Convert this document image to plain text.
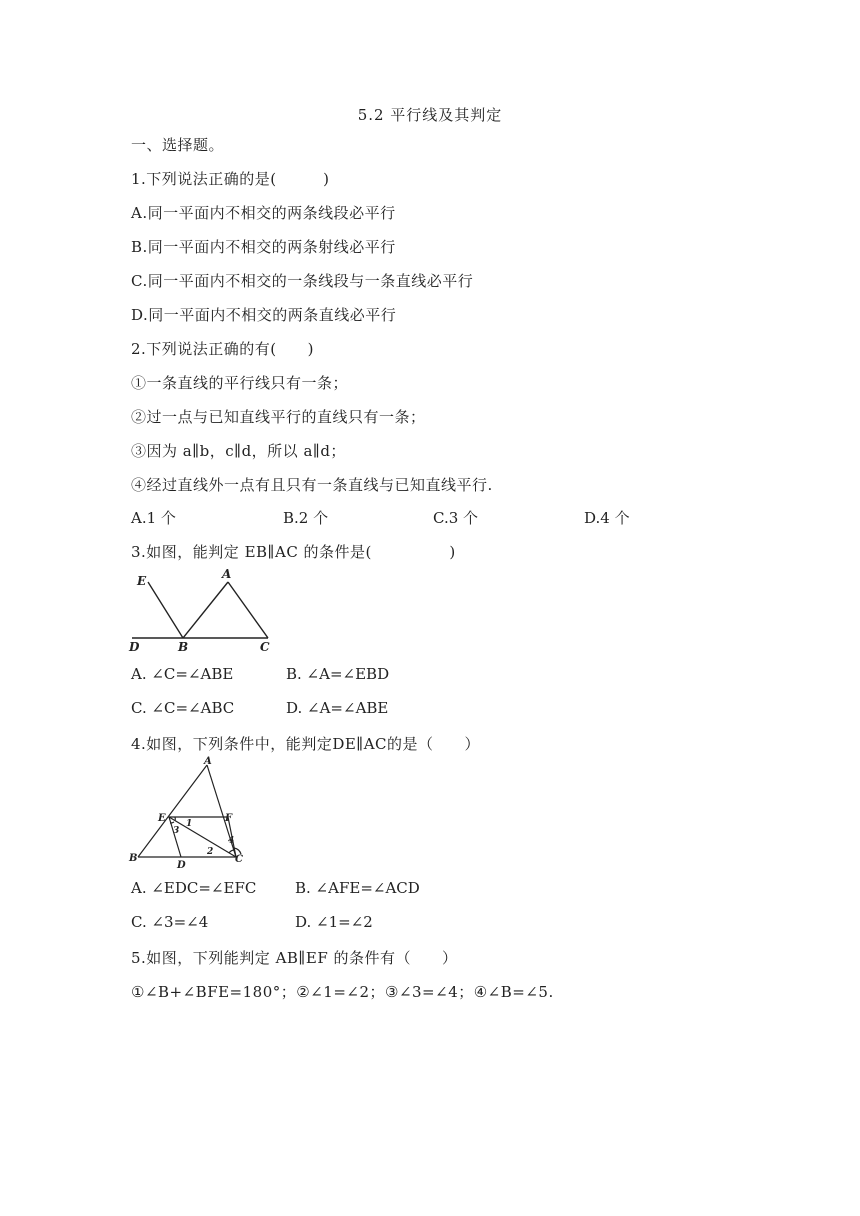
5.2 平行线及其判定
一、选择题。
1.下列说法正确的是(　　　)
A.同一平面内不相交的两条线段必平行
B.同一平面内不相交的两条射线必平行
C.同一平面内不相交的一条线段与一条直线必平行
D.同一平面内不相交的两条直线必平行
2.下列说法正确的有(　　)
①一条直线的平行线只有一条；
②过一点与已知直线平行的直线只有一条；
③因为 a∥b，c∥d，所以 a∥d；
④经过直线外一点有且只有一条直线与已知直线平行.
A.1 个	B.2 个	C.3 个	D.4 个
3.如图，能判定 EB∥AC 的条件是(　　　　　)
E	A
D	B	C
A. ∠C=∠ABE	B. ∠A=∠EBD
C. ∠C=∠ABC	D. ∠A=∠ABE
4.如图，下列条件中，能判定DE∥AC的是（　　）
A
E	F
B
D
C
1
3
2
4
A. ∠EDC=∠EFC	B. ∠AFE=∠ACD
C. ∠3=∠4	D. ∠1=∠2
5.如图，下列能判定 AB∥EF 的条件有（　　）
①∠B+∠BFE=180°；②∠1=∠2；③∠3=∠4；④∠B=∠5.
